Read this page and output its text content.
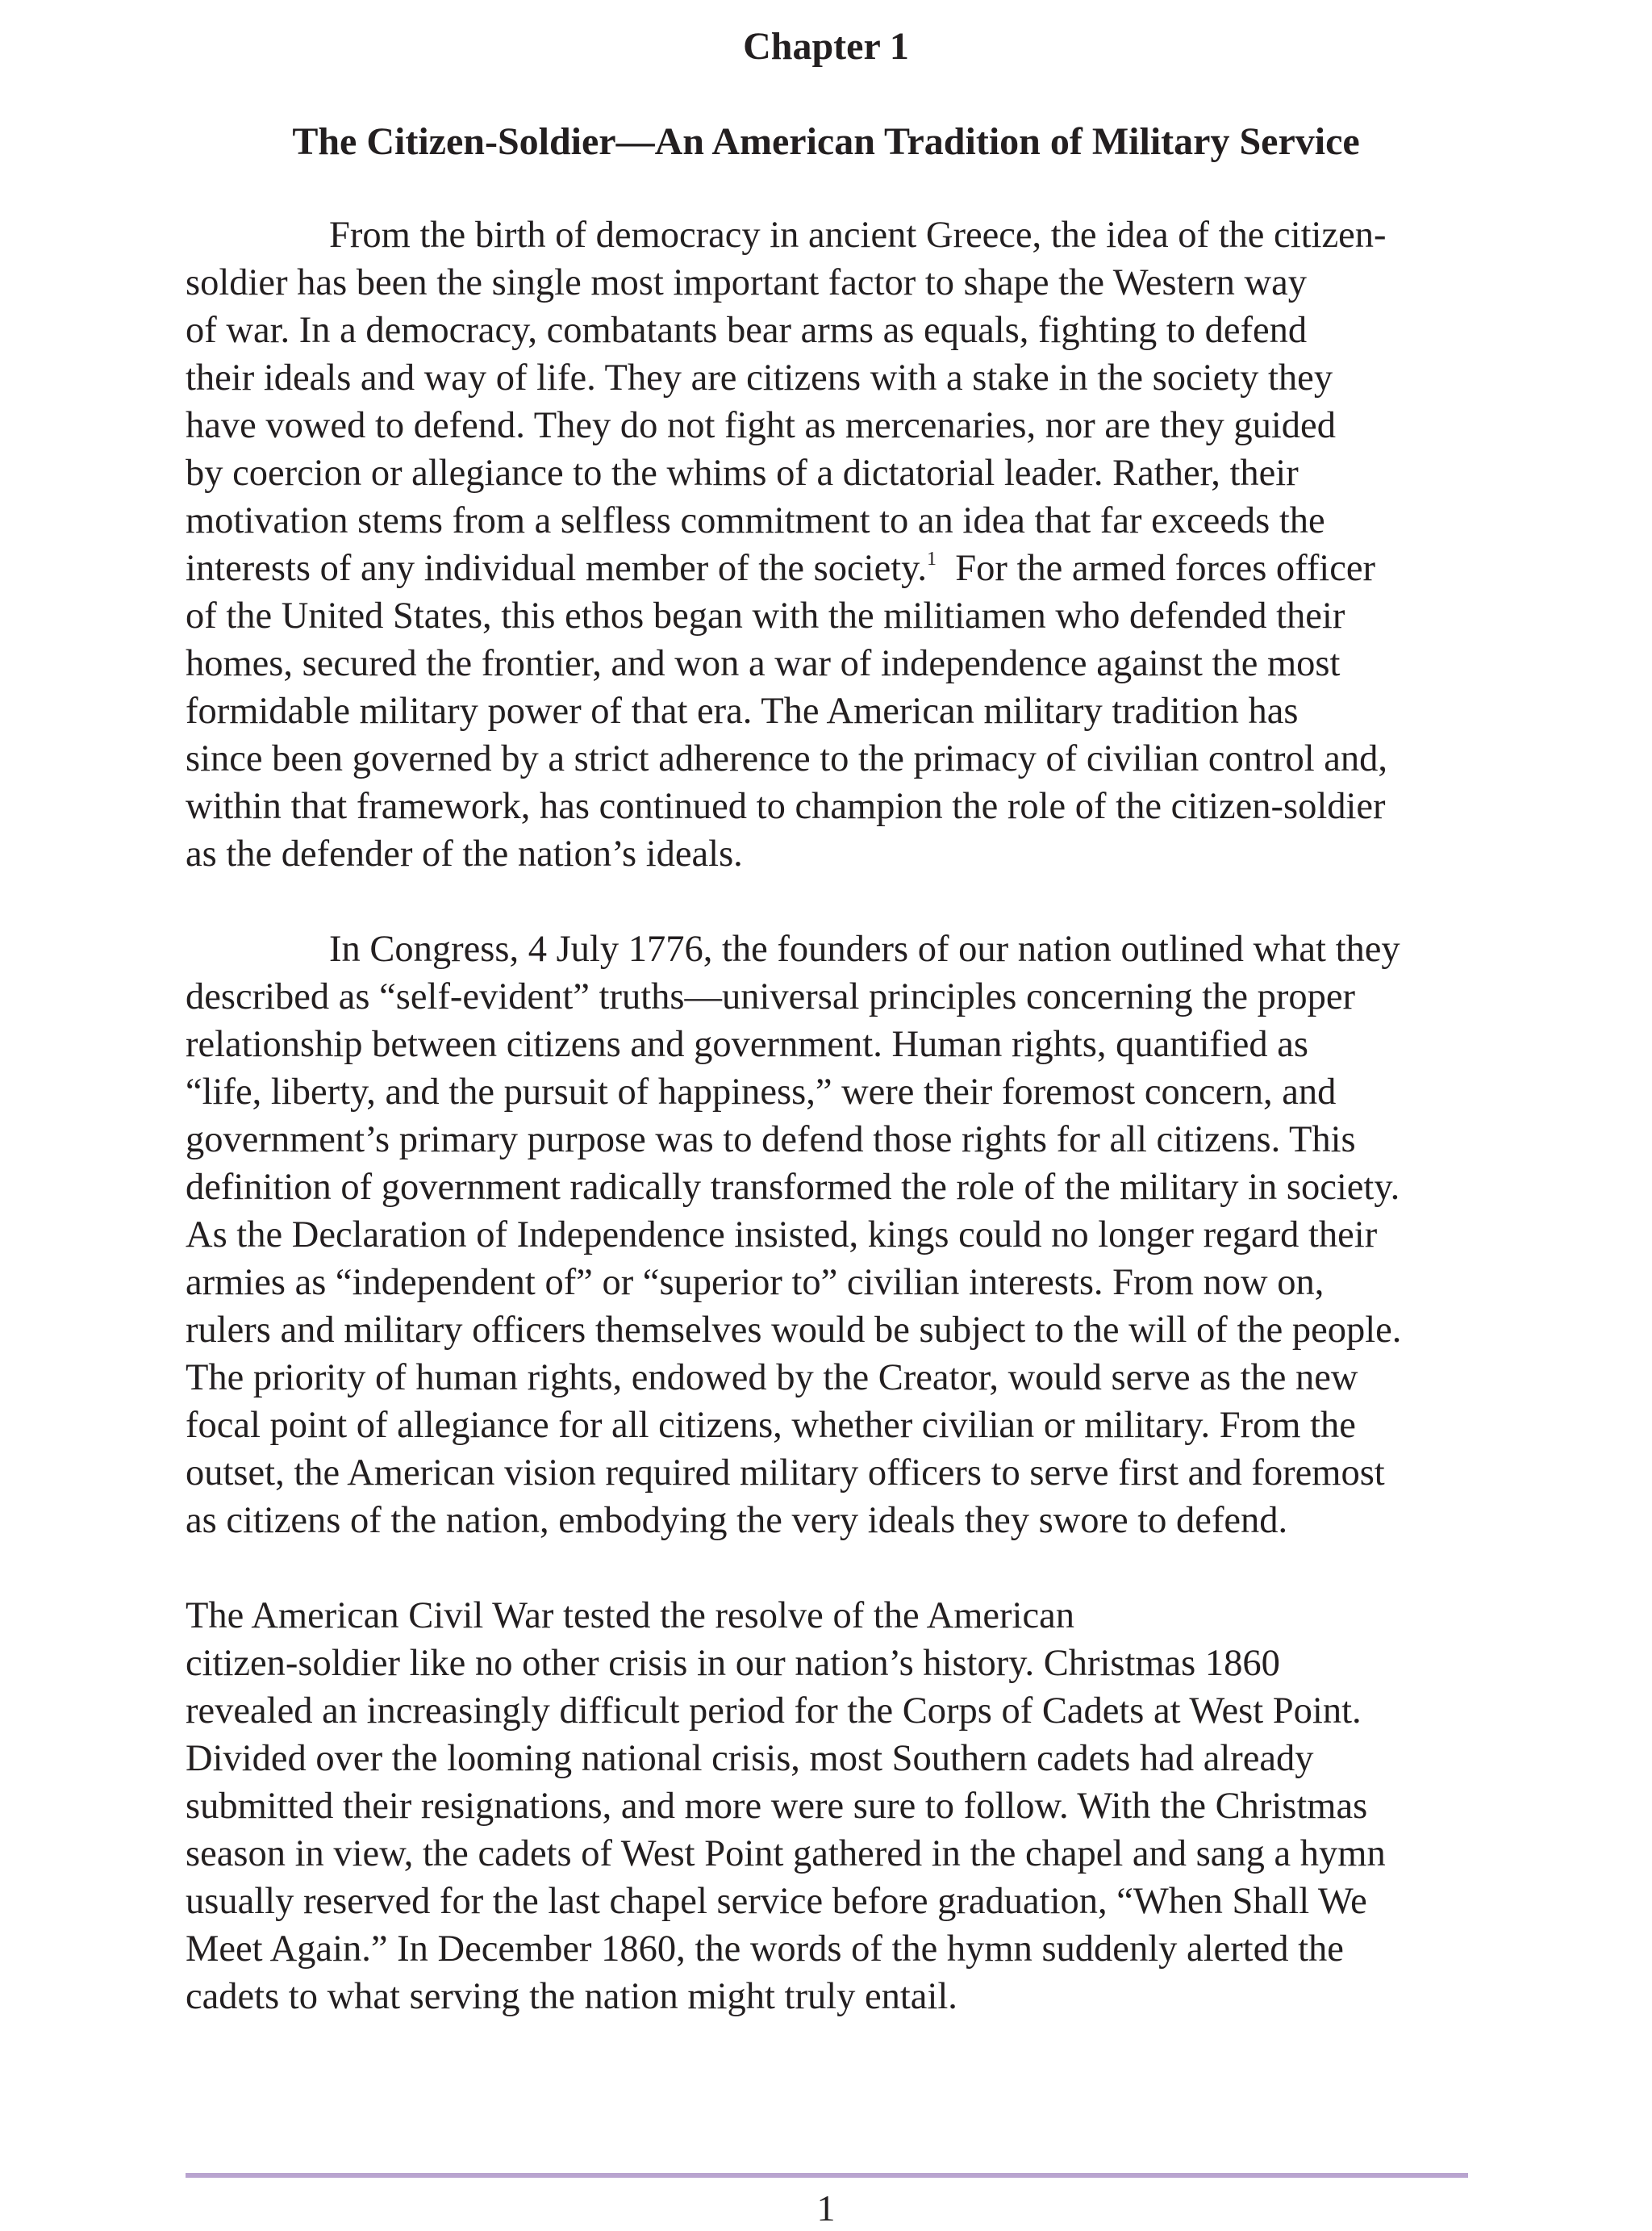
Chapter 1
The Citizen-Soldier—An American Tradition of Military Service
From the birth of democracy in ancient Greece, the idea of the citizen-
soldier has been the single most important factor to shape the Western way
of war. In a democracy, combatants bear arms as equals, fighting to defend
their ideals and way of life. They are citizens with a stake in the society they
have vowed to defend. They do not fight as mercenaries, nor are they guided
by coercion or allegiance to the whims of a dictatorial leader. Rather, their
motivation stems from a selfless commitment to an idea that far exceeds the
interests of any individual member of the society.$^1$ For the armed forces officer
of the United States, this ethos began with the militiamen who defended their
homes, secured the frontier, and won a war of independence against the most
formidable military power of that era. The American military tradition has
since been governed by a strict adherence to the primacy of civilian control and,
within that framework, has continued to champion the role of the citizen-soldier
as the defender of the nation’s ideals.
In Congress, 4 July 1776, the founders of our nation outlined what they
described as “self-evident” truths—universal principles concerning the proper
relationship between citizens and government. Human rights, quantified as
“life, liberty, and the pursuit of happiness,” were their foremost concern, and
government’s primary purpose was to defend those rights for all citizens. This
definition of government radically transformed the role of the military in society.
As the Declaration of Independence insisted, kings could no longer regard their
armies as “independent of” or “superior to” civilian interests. From now on,
rulers and military officers themselves would be subject to the will of the people.
The priority of human rights, endowed by the Creator, would serve as the new
focal point of allegiance for all citizens, whether civilian or military. From the
outset, the American vision required military officers to serve first and foremost
as citizens of the nation, embodying the very ideals they swore to defend.
The American Civil War tested the resolve of the American
citizen-soldier like no other crisis in our nation’s history. Christmas 1860
revealed an increasingly difficult period for the Corps of Cadets at West Point.
Divided over the looming national crisis, most Southern cadets had already
submitted their resignations, and more were sure to follow. With the Christmas
season in view, the cadets of West Point gathered in the chapel and sang a hymn
usually reserved for the last chapel service before graduation, “When Shall We
Meet Again.” In December 1860, the words of the hymn suddenly alerted the
cadets to what serving the nation might truly entail.
1
